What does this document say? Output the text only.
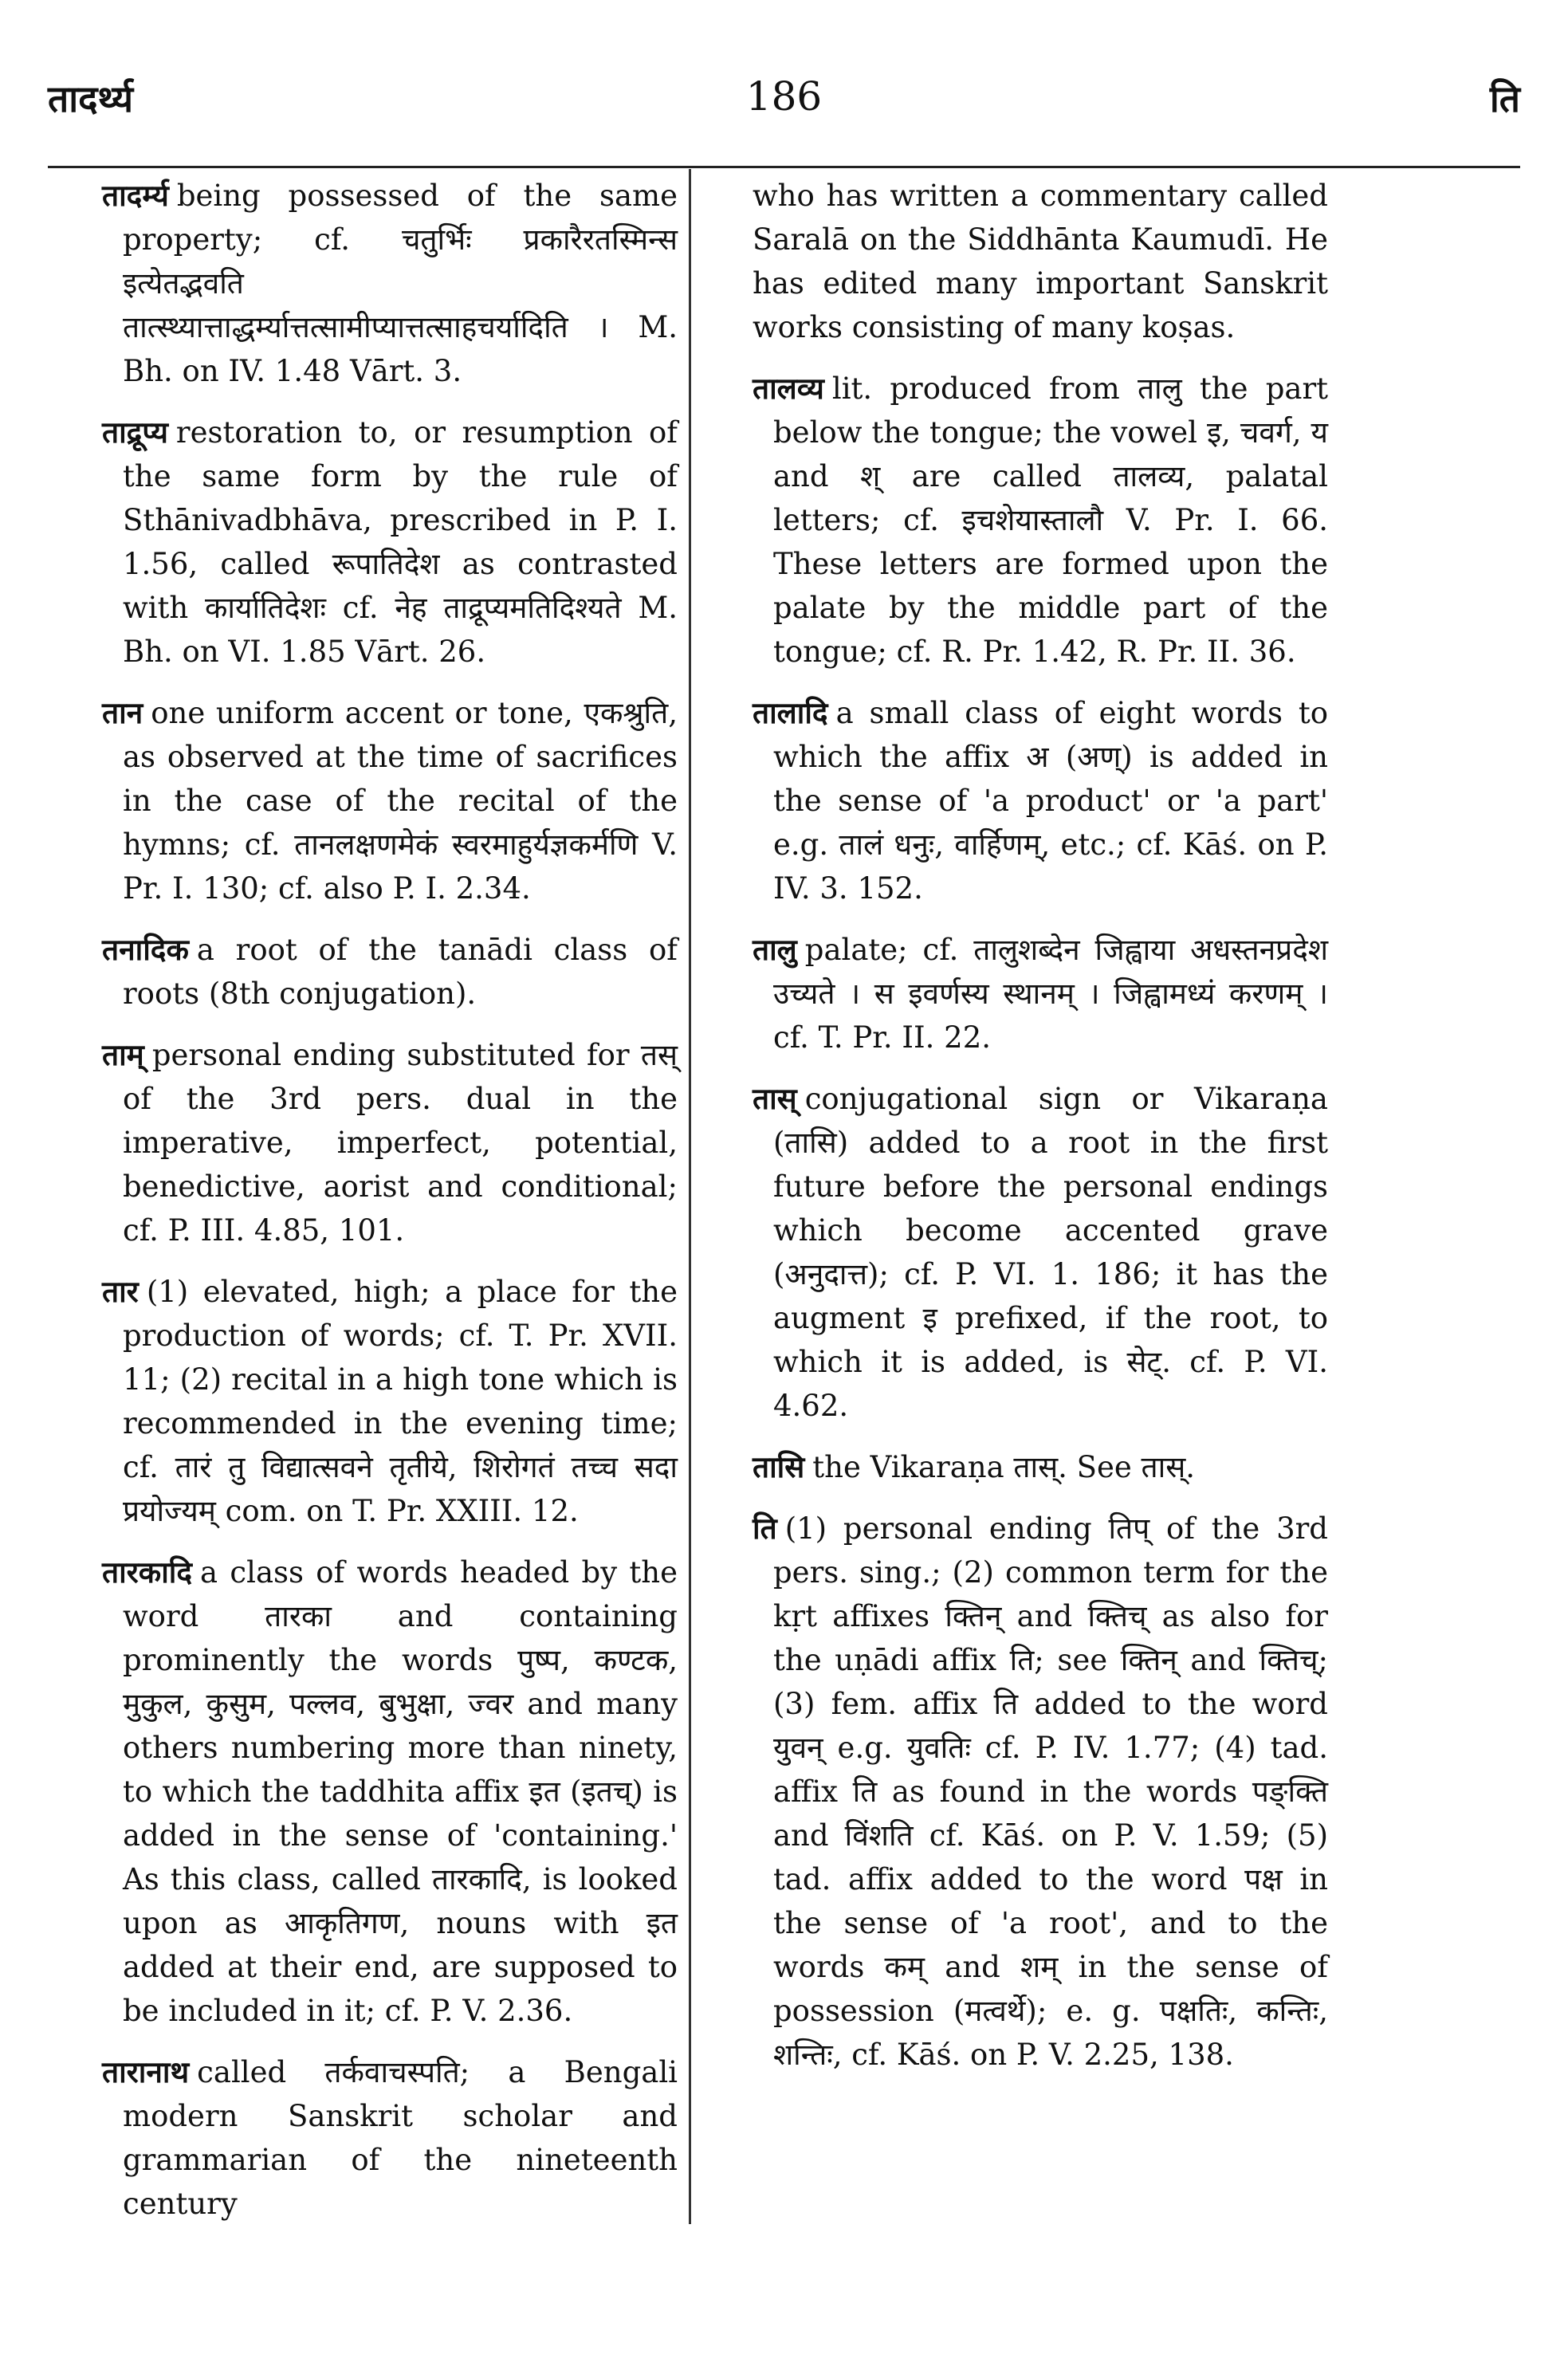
तादर्थ्य	186	ति

तादर्म्य being possessed of the same property; cf. चतुर्भिः प्रकारैरतस्मिन्स इत्येतद्भवति तात्स्थ्यात्ताद्धर्म्यात्तत्सामीप्यात्तत्साहचर्यादिति । M. Bh. on IV. 1.48 Vārt. 3.

ताद्रूप्य restoration to, or resumption of the same form by the rule of Sthānivadbhāva, prescribed in P. I. 1.56, called रूपातिदेश as contrasted with कार्यातिदेशः cf. नेह ताद्रूप्यमतिदिश्यते M. Bh. on VI. 1.85 Vārt. 26.

तान one uniform accent or tone, एकश्रुति, as observed at the time of sacrifices in the case of the recital of the hymns; cf. तानलक्षणमेकं स्वरमाहुर्यज्ञकर्मणि V. Pr. I. 130; cf. also P. I. 2.34.

तनादिक a root of the tanādi class of roots (8th conjugation).

ताम् personal ending substituted for तस् of the 3rd pers. dual in the imperative, imperfect, potential, benedictive, aorist and conditional; cf. P. III. 4.85, 101.

तार (1) elevated, high; a place for the production of words; cf. T. Pr. XVII. 11; (2) recital in a high tone which is recommended in the evening time; cf. तारं तु विद्यात्सवने तृतीये, शिरोगतं तच्च सदा प्रयोज्यम् com. on T. Pr. XXIII. 12.

तारकादि a class of words headed by the word तारका and containing prominently the words पुष्प, कण्टक, मुकुल, कुसुम, पल्लव, बुभुक्षा, ज्वर and many others numbering more than ninety, to which the taddhita affix इत (इतच्) is added in the sense of 'containing.' As this class, called तारकादि, is looked upon as आकृतिगण, nouns with इत added at their end, are supposed to be included in it; cf. P. V. 2.36.

तारानाथ called तर्कवाचस्पति; a Bengali modern Sanskrit scholar and grammarian of the nineteenth century

who has written a commentary called Saralā on the Siddhānta Kaumudī. He has edited many important Sanskrit works consisting of many koṣas.

तालव्य lit. produced from तालु the part below the tongue; the vowel इ, चवर्ग, य and श् are called तालव्य, palatal letters; cf. इचशेयास्तालौ V. Pr. I. 66. These letters are formed upon the palate by the middle part of the tongue; cf. R. Pr. 1.42, R. Pr. II. 36.

तालादि a small class of eight words to which the affix अ (अण्) is added in the sense of 'a product' or 'a part' e.g. तालं धनुः, वार्हिणम्, etc.; cf. Kāś. on P. IV. 3. 152.

तालु palate; cf. तालुशब्देन जिह्वाया अधस्तनप्रदेश उच्यते । स इवर्णस्य स्थानम् । जिह्वामध्यं करणम् । cf. T. Pr. II. 22.

तास् conjugational sign or Vikaraṇa (तासि) added to a root in the first future before the personal endings which become accented grave (अनुदात्त); cf. P. VI. 1. 186; it has the augment इ prefixed, if the root, to which it is added, is सेट्. cf. P. VI. 4.62.

तासि the Vikaraṇa तास्. See तास्.

ति (1) personal ending तिप् of the 3rd pers. sing.; (2) common term for the kṛt affixes क्तिन् and क्तिच् as also for the uṇādi affix ति; see क्तिन् and क्तिच्; (3) fem. affix ति added to the word युवन् e.g. युवतिः cf. P. IV. 1.77; (4) tad. affix ति as found in the words पङ्क्ति and विंशति cf. Kāś. on P. V. 1.59; (5) tad. affix added to the word पक्ष in the sense of 'a root', and to the words कम् and शम् in the sense of possession (मत्वर्थे); e. g. पक्षतिः, कन्तिः, शन्तिः, cf. Kāś. on P. V. 2.25, 138.
